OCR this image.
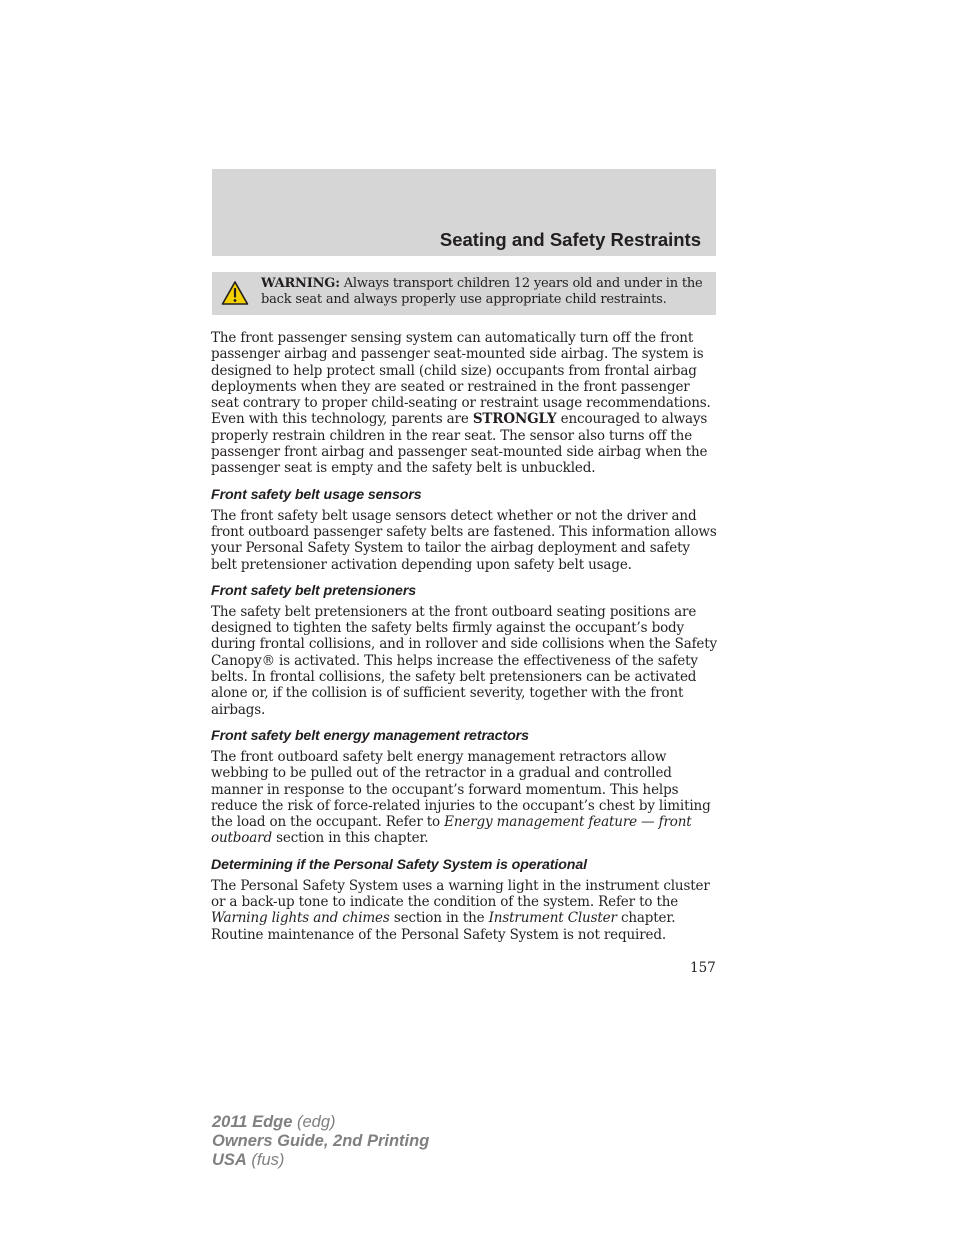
Seating and Safety Restraints

WARNING: Always transport children 12 years old and under in the back seat and always properly use appropriate child restraints.

The front passenger sensing system can automatically turn off the front passenger airbag and passenger seat-mounted side airbag. The system is designed to help protect small (child size) occupants from frontal airbag deployments when they are seated or restrained in the front passenger seat contrary to proper child-seating or restraint usage recommendations. Even with this technology, parents are STRONGLY encouraged to always properly restrain children in the rear seat. The sensor also turns off the passenger front airbag and passenger seat-mounted side airbag when the passenger seat is empty and the safety belt is unbuckled.

Front safety belt usage sensors

The front safety belt usage sensors detect whether or not the driver and front outboard passenger safety belts are fastened. This information allows your Personal Safety System to tailor the airbag deployment and safety belt pretensioner activation depending upon safety belt usage.

Front safety belt pretensioners

The safety belt pretensioners at the front outboard seating positions are designed to tighten the safety belts firmly against the occupant’s body during frontal collisions, and in rollover and side collisions when the Safety Canopy® is activated. This helps increase the effectiveness of the safety belts. In frontal collisions, the safety belt pretensioners can be activated alone or, if the collision is of sufficient severity, together with the front airbags.

Front safety belt energy management retractors

The front outboard safety belt energy management retractors allow webbing to be pulled out of the retractor in a gradual and controlled manner in response to the occupant’s forward momentum. This helps reduce the risk of force-related injuries to the occupant’s chest by limiting the load on the occupant. Refer to Energy management feature — front outboard section in this chapter.

Determining if the Personal Safety System is operational

The Personal Safety System uses a warning light in the instrument cluster or a back-up tone to indicate the condition of the system. Refer to the Warning lights and chimes section in the Instrument Cluster chapter. Routine maintenance of the Personal Safety System is not required.

157
2011 Edge (edg)
Owners Guide, 2nd Printing
USA (fus)
